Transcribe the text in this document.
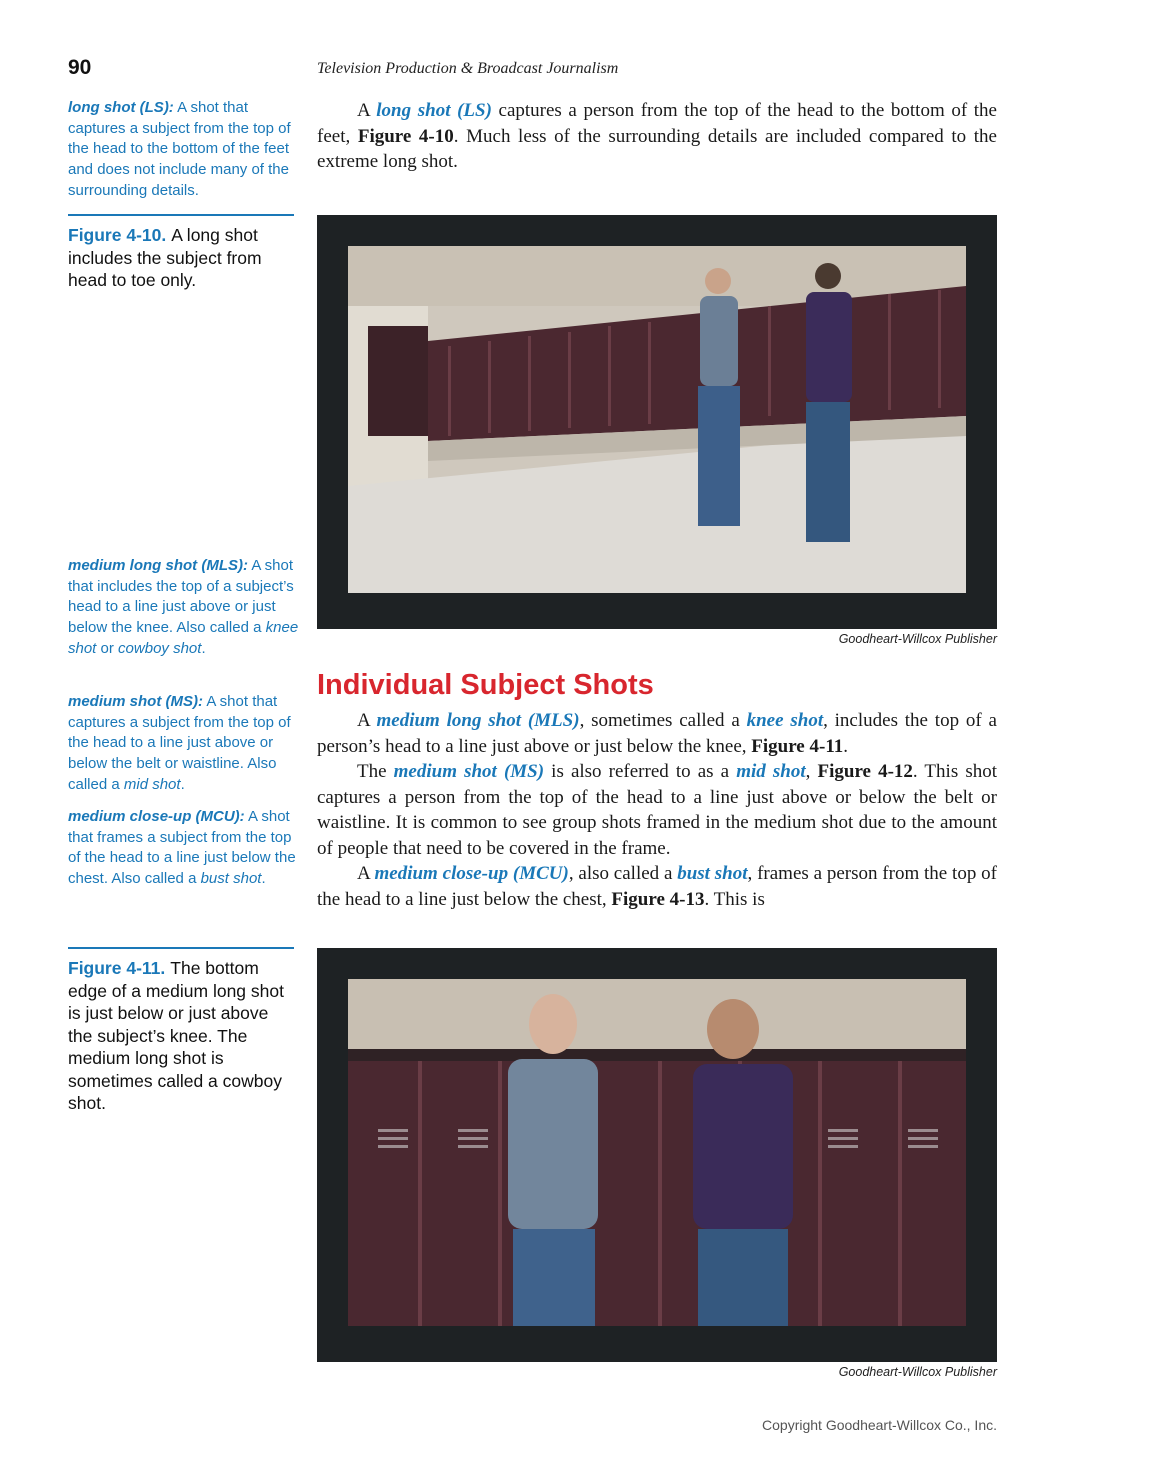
90	Television Production & Broadcast Journalism
long shot (LS): A shot that captures a subject from the top of the head to the bottom of the feet and does not include many of the surrounding details.
Figure 4-10. A long shot includes the subject from head to toe only.
medium long shot (MLS): A shot that includes the top of a subject’s head to a line just above or just below the knee. Also called a knee shot or cowboy shot.
medium shot (MS): A shot that captures a subject from the top of the head to a line just above or below the belt or waistline. Also called a mid shot.
medium close-up (MCU): A shot that frames a subject from the top of the head to a line just below the chest. Also called a bust shot.
Figure 4-11. The bottom edge of a medium long shot is just below or just above the subject’s knee. The medium long shot is sometimes called a cowboy shot.

A long shot (LS) captures a person from the top of the head to the bottom of the feet, Figure 4-10. Much less of the surrounding details are included compared to the extreme long shot.

Goodheart-Willcox Publisher
Individual Subject Shots

A medium long shot (MLS), sometimes called a knee shot, includes the top of a person’s head to a line just above or just below the knee, Figure 4-11.

The medium shot (MS) is also referred to as a mid shot, Figure 4-12. This shot captures a person from the top of the head to a line just above or below the belt or waistline. It is common to see group shots framed in the medium shot due to the amount of people that need to be covered in the frame.

A medium close-up (MCU), also called a bust shot, frames a person from the top of the head to a line just below the chest, Figure 4-13. This is

Goodheart-Willcox Publisher
Copyright Goodheart-Willcox Co., Inc.
